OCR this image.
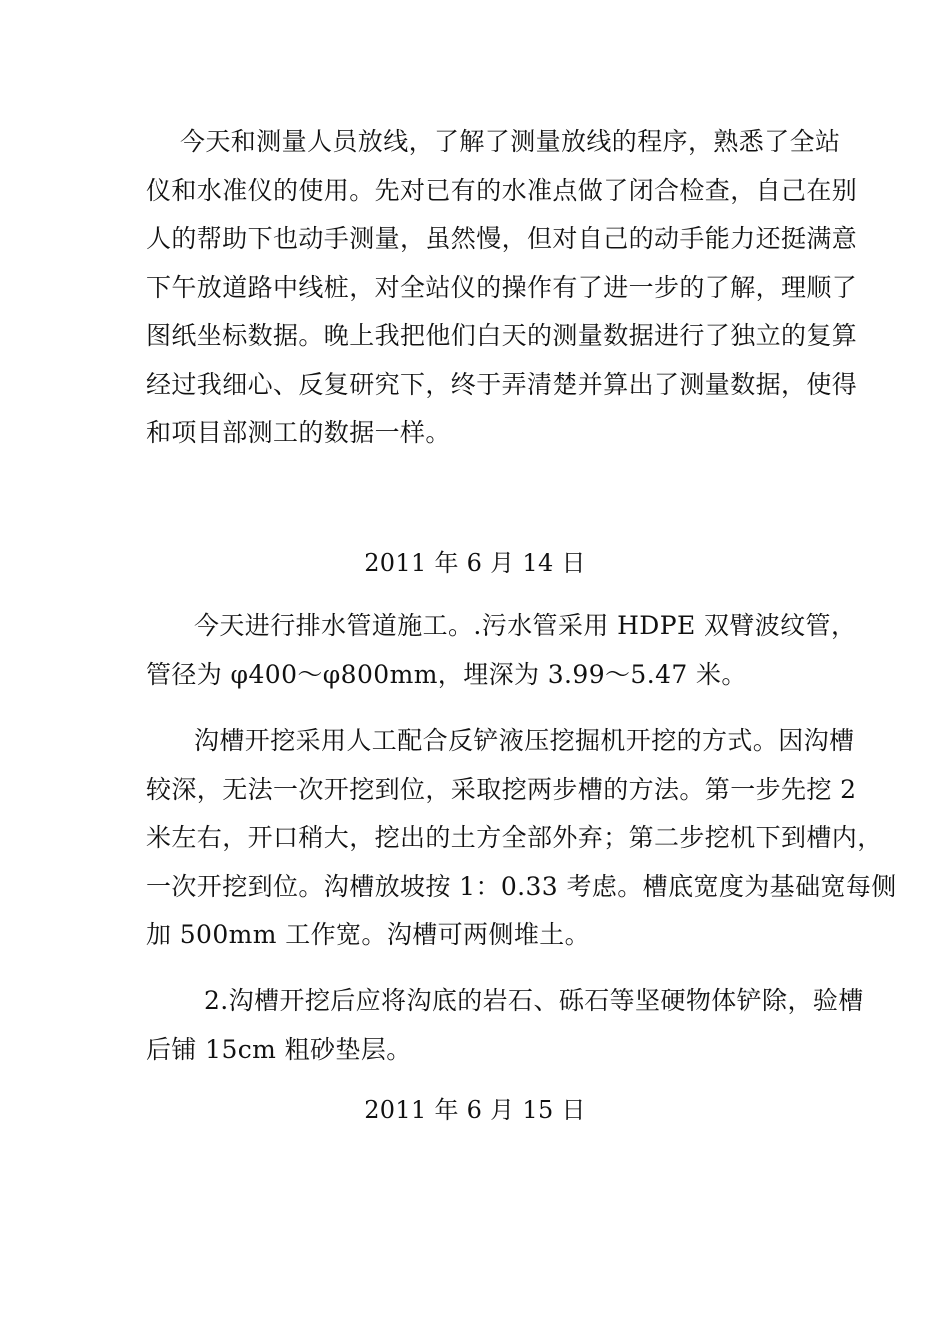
今天和测量人员放线，了解了测量放线的程序，熟悉了全站
仪和水准仪的使用。先对已有的水准点做了闭合检查，自己在别
人的帮助下也动手测量，虽然慢，但对自己的动手能力还挺满意
下午放道路中线桩，对全站仪的操作有了进一步的了解，理顺了
图纸坐标数据。晚上我把他们白天的测量数据进行了独立的复算
经过我细心、反复研究下，终于弄清楚并算出了测量数据，使得
和项目部测工的数据一样。

2011 年 6 月 14 日

今天进行排水管道施工。.污水管采用 HDPE 双臂波纹管，
管径为 φ400～φ800mm，埋深为 3.99～5.47 米。

沟槽开挖采用人工配合反铲液压挖掘机开挖的方式。因沟槽
较深，无法一次开挖到位，采取挖两步槽的方法。第一步先挖 2
米左右，开口稍大，挖出的土方全部外弃；第二步挖机下到槽内，
一次开挖到位。沟槽放坡按 1：0.33 考虑。槽底宽度为基础宽每侧
加 500mm 工作宽。沟槽可两侧堆土。

2.沟槽开挖后应将沟底的岩石、砾石等坚硬物体铲除，验槽
后铺 15cm 粗砂垫层。

2011 年 6 月 15 日
